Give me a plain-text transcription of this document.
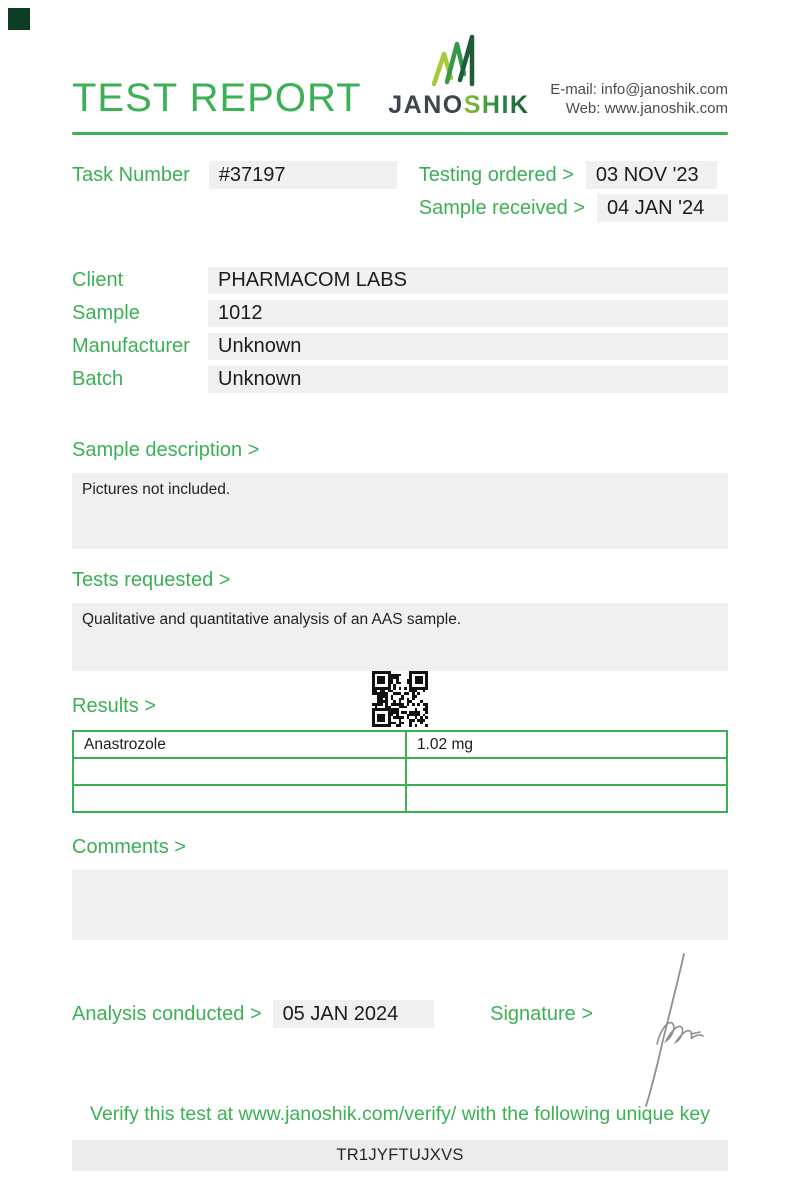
TEST REPORT JANOSHIK
E-mail: info@janoshik.com
Web: www.janoshik.com
Task Number	#37197	Testing ordered >	03 NOV '23
Sample received >	04 JAN '24
Client	PHARMACOM LABS
Sample	1012
Manufacturer	Unknown
Batch	Unknown
Sample description >
Pictures not included.
Tests requested >
Qualitative and quantitative analysis of an AAS sample.
Results >
Anastrozole	1.02 mg

Comments >
Analysis conducted >	05 JAN 2024	Signature >
Verify this test at www.janoshik.com/verify/ with the following unique key
TR1JYFTUJXVS
